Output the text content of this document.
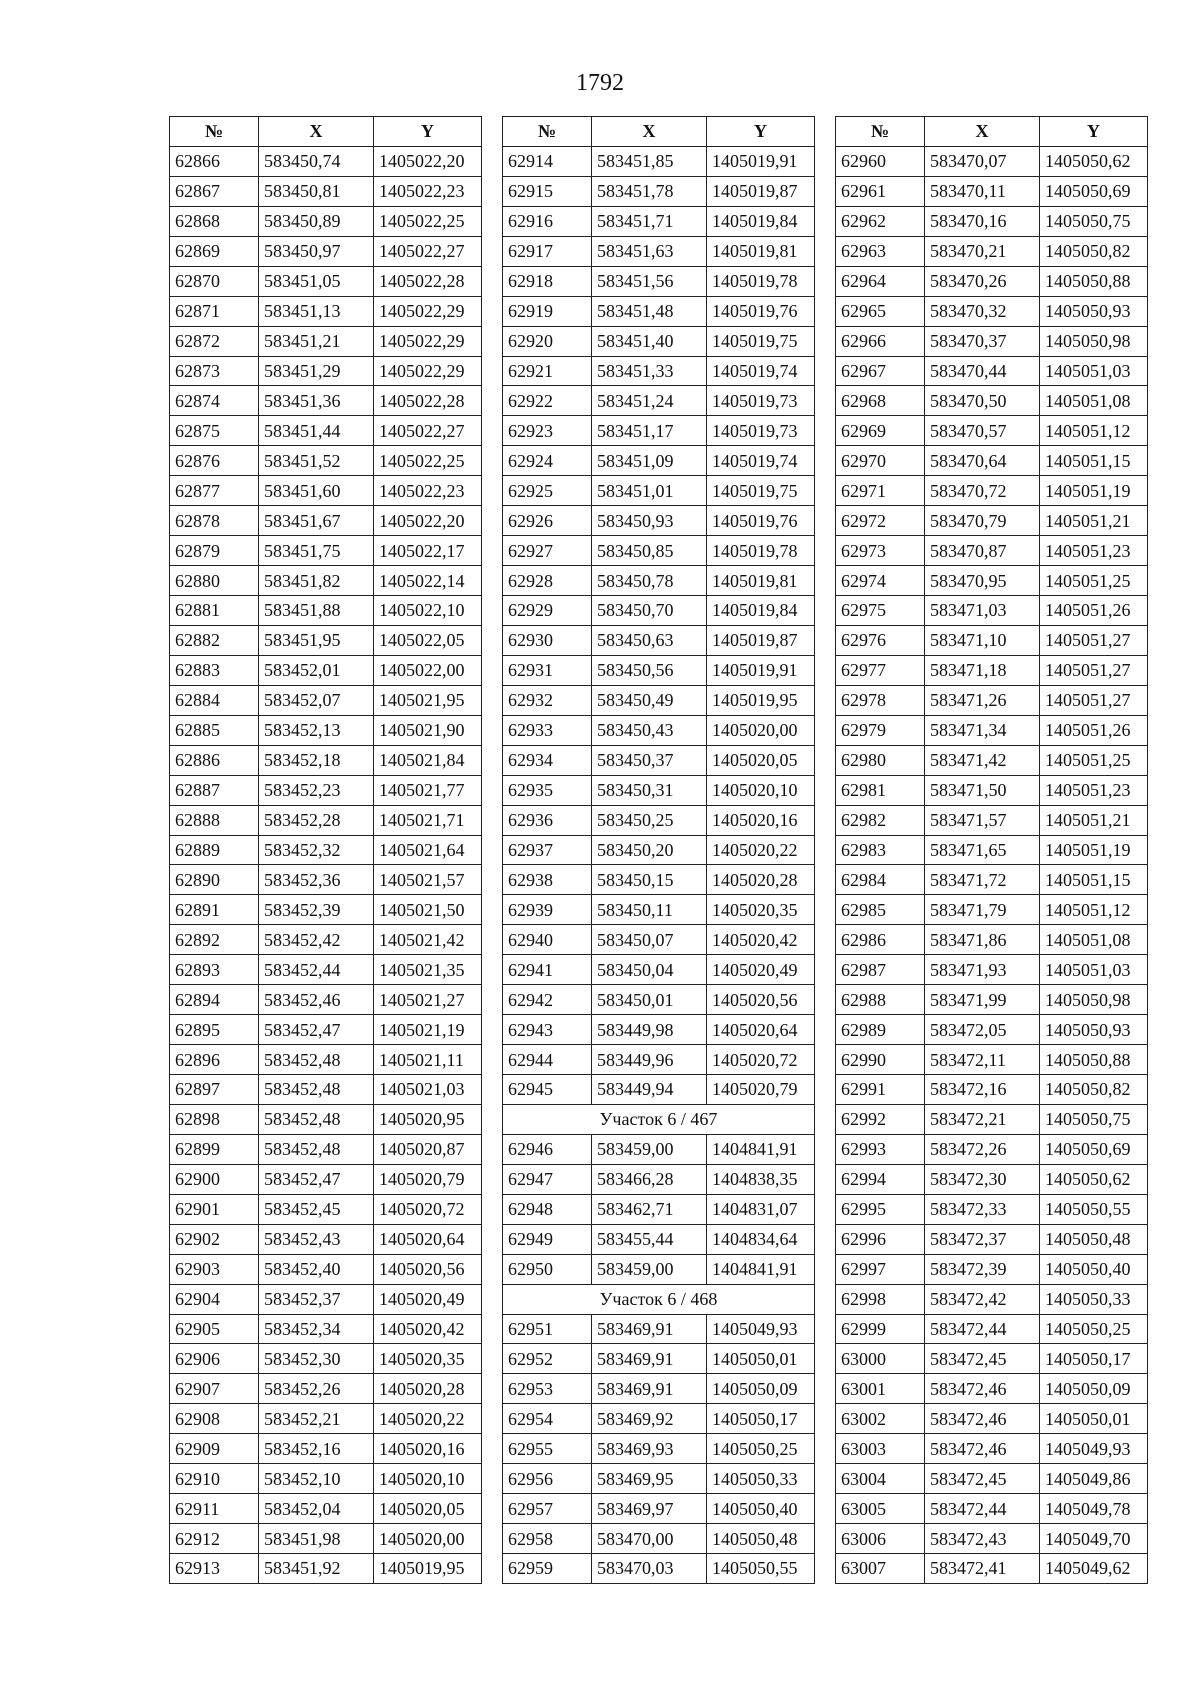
1792
№	X	Y
62866	583450,74	1405022,20
62867	583450,81	1405022,23
62868	583450,89	1405022,25
62869	583450,97	1405022,27
62870	583451,05	1405022,28
62871	583451,13	1405022,29
62872	583451,21	1405022,29
62873	583451,29	1405022,29
62874	583451,36	1405022,28
62875	583451,44	1405022,27
62876	583451,52	1405022,25
62877	583451,60	1405022,23
62878	583451,67	1405022,20
62879	583451,75	1405022,17
62880	583451,82	1405022,14
62881	583451,88	1405022,10
62882	583451,95	1405022,05
62883	583452,01	1405022,00
62884	583452,07	1405021,95
62885	583452,13	1405021,90
62886	583452,18	1405021,84
62887	583452,23	1405021,77
62888	583452,28	1405021,71
62889	583452,32	1405021,64
62890	583452,36	1405021,57
62891	583452,39	1405021,50
62892	583452,42	1405021,42
62893	583452,44	1405021,35
62894	583452,46	1405021,27
62895	583452,47	1405021,19
62896	583452,48	1405021,11
62897	583452,48	1405021,03
62898	583452,48	1405020,95
62899	583452,48	1405020,87
62900	583452,47	1405020,79
62901	583452,45	1405020,72
62902	583452,43	1405020,64
62903	583452,40	1405020,56
62904	583452,37	1405020,49
62905	583452,34	1405020,42
62906	583452,30	1405020,35
62907	583452,26	1405020,28
62908	583452,21	1405020,22
62909	583452,16	1405020,16
62910	583452,10	1405020,10
62911	583452,04	1405020,05
62912	583451,98	1405020,00
62913	583451,92	1405019,95
№	X	Y
62914	583451,85	1405019,91
62915	583451,78	1405019,87
62916	583451,71	1405019,84
62917	583451,63	1405019,81
62918	583451,56	1405019,78
62919	583451,48	1405019,76
62920	583451,40	1405019,75
62921	583451,33	1405019,74
62922	583451,24	1405019,73
62923	583451,17	1405019,73
62924	583451,09	1405019,74
62925	583451,01	1405019,75
62926	583450,93	1405019,76
62927	583450,85	1405019,78
62928	583450,78	1405019,81
62929	583450,70	1405019,84
62930	583450,63	1405019,87
62931	583450,56	1405019,91
62932	583450,49	1405019,95
62933	583450,43	1405020,00
62934	583450,37	1405020,05
62935	583450,31	1405020,10
62936	583450,25	1405020,16
62937	583450,20	1405020,22
62938	583450,15	1405020,28
62939	583450,11	1405020,35
62940	583450,07	1405020,42
62941	583450,04	1405020,49
62942	583450,01	1405020,56
62943	583449,98	1405020,64
62944	583449,96	1405020,72
62945	583449,94	1405020,79
Участок 6 / 467		
62946	583459,00	1404841,91
62947	583466,28	1404838,35
62948	583462,71	1404831,07
62949	583455,44	1404834,64
62950	583459,00	1404841,91
Участок 6 / 468		
62951	583469,91	1405049,93
62952	583469,91	1405050,01
62953	583469,91	1405050,09
62954	583469,92	1405050,17
62955	583469,93	1405050,25
62956	583469,95	1405050,33
62957	583469,97	1405050,40
62958	583470,00	1405050,48
62959	583470,03	1405050,55
№	X	Y
62960	583470,07	1405050,62
62961	583470,11	1405050,69
62962	583470,16	1405050,75
62963	583470,21	1405050,82
62964	583470,26	1405050,88
62965	583470,32	1405050,93
62966	583470,37	1405050,98
62967	583470,44	1405051,03
62968	583470,50	1405051,08
62969	583470,57	1405051,12
62970	583470,64	1405051,15
62971	583470,72	1405051,19
62972	583470,79	1405051,21
62973	583470,87	1405051,23
62974	583470,95	1405051,25
62975	583471,03	1405051,26
62976	583471,10	1405051,27
62977	583471,18	1405051,27
62978	583471,26	1405051,27
62979	583471,34	1405051,26
62980	583471,42	1405051,25
62981	583471,50	1405051,23
62982	583471,57	1405051,21
62983	583471,65	1405051,19
62984	583471,72	1405051,15
62985	583471,79	1405051,12
62986	583471,86	1405051,08
62987	583471,93	1405051,03
62988	583471,99	1405050,98
62989	583472,05	1405050,93
62990	583472,11	1405050,88
62991	583472,16	1405050,82
62992	583472,21	1405050,75
62993	583472,26	1405050,69
62994	583472,30	1405050,62
62995	583472,33	1405050,55
62996	583472,37	1405050,48
62997	583472,39	1405050,40
62998	583472,42	1405050,33
62999	583472,44	1405050,25
63000	583472,45	1405050,17
63001	583472,46	1405050,09
63002	583472,46	1405050,01
63003	583472,46	1405049,93
63004	583472,45	1405049,86
63005	583472,44	1405049,78
63006	583472,43	1405049,70
63007	583472,41	1405049,62
